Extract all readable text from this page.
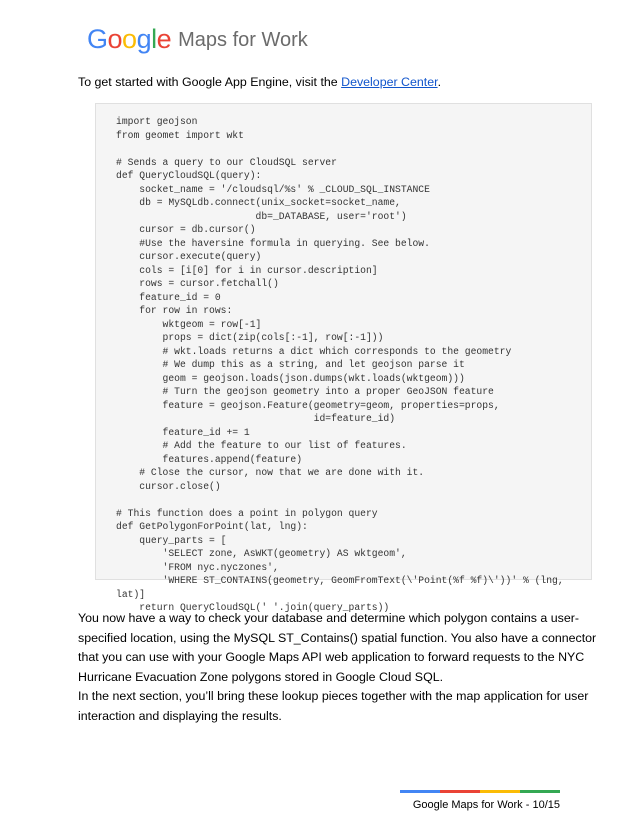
Google Maps for Work
To get started with Google App Engine, visit the Developer Center.
import geojson
from geomet import wkt
# Sends a query to our CloudSQL server
def QueryCloudSQL(query):
socket_name = '/cloudsql/%s' % _CLOUD_SQL_INSTANCE
db = MySQLdb.connect(unix_socket=socket_name,
db=_DATABASE, user='root')
cursor = db.cursor()
#Use the haversine formula in querying. See below.
cursor.execute(query)
cols = [i[0] for i in cursor.description]
rows = cursor.fetchall()
feature_id = 0
for row in rows:
wktgeom = row[-1]
props = dict(zip(cols[:-1], row[:-1]))
# wkt.loads returns a dict which corresponds to the geometry
# We dump this as a string, and let geojson parse it
geom = geojson.loads(json.dumps(wkt.loads(wktgeom)))
# Turn the geojson geometry into a proper GeoJSON feature
feature = geojson.Feature(geometry=geom, properties=props,
id=feature_id)
feature_id += 1
# Add the feature to our list of features.
features.append(feature)
# Close the cursor, now that we are done with it.
cursor.close()
# This function does a point in polygon query
def GetPolygonForPoint(lat, lng):
query_parts = [
'SELECT zone, AsWKT(geometry) AS wktgeom',
'FROM nyc.nyczones',
'WHERE ST_CONTAINS(geometry, GeomFromText(\'Point(%f %f)\'))' % (lng,
lat)]
return QueryCloudSQL(' '.join(query_parts))
You now have a way to check your database and determine which polygon contains a user-specified location, using the MySQL ST_Contains() spatial function. You also have a connector that you can use with your Google Maps API web application to forward requests to the NYC Hurricane Evacuation Zone polygons stored in Google Cloud SQL.
In the next section, you’ll bring these lookup pieces together with the map application for user interaction and displaying the results.
Google Maps for Work - 10/15
